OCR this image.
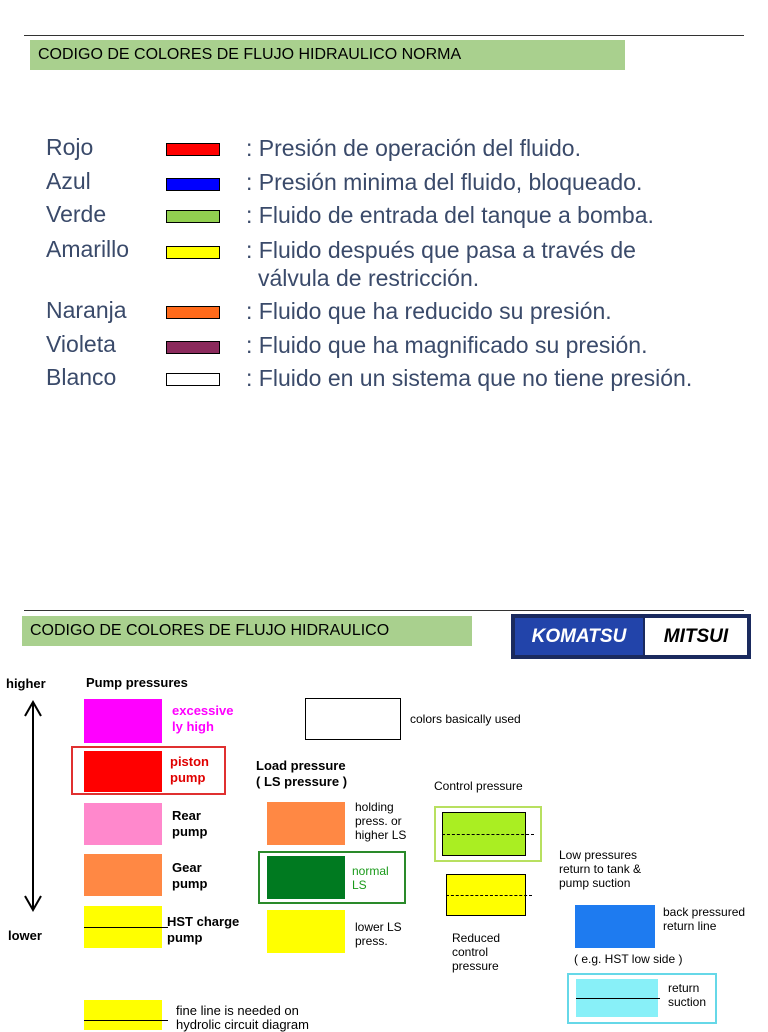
CODIGO DE COLORES DE FLUJO HIDRAULICO NORMA
Rojo	: Presión de operación del fluido.
Azul	: Presión minima del fluido, bloqueado.
Verde	: Fluido de entrada del tanque a bomba.
Amarillo	: Fluido después que pasa a través de
válvula de restricción.
Naranja	: Fluido que ha reducido su presión.
Violeta	: Fluido que ha magnificado su presión.
Blanco	: Fluido en un sistema que no tiene presión.
CODIGO DE COLORES DE FLUJO HIDRAULICO	KOMATSU	MITSUI
higher
lower
Pump pressures
excessive
ly high
piston
pump
Rear
pump
Gear
pump
HST charge
pump
fine line is needed on
hydrolic circuit diagram
colors basically used
Load pressure
( LS pressure )
holding
press. or
higher LS
normal
LS
lower LS
press.
Control pressure
Reduced
control
pressure
Low pressures
return to tank &
pump suction
back pressured
return line
( e.g. HST low side )
return
suction
